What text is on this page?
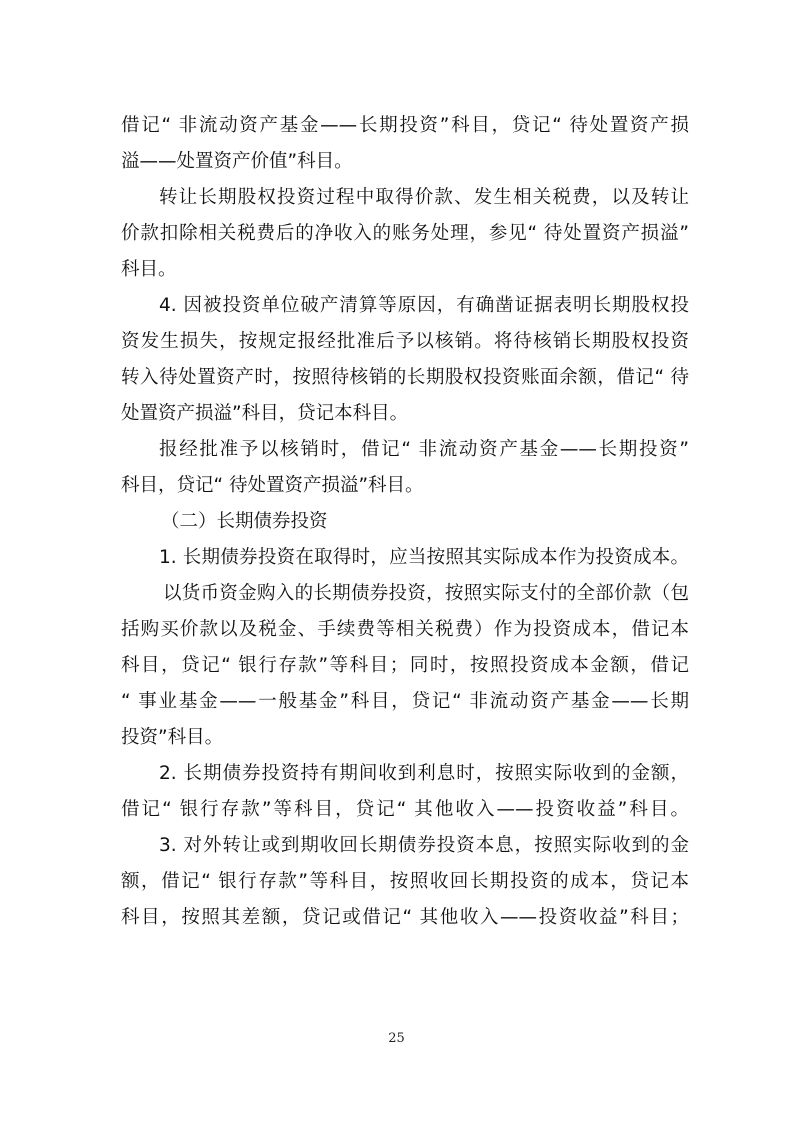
借记“ 非流动资产基金——长期投资”科目，贷记“ 待处置资产损
溢——处置资产价值”科目。
转让长期股权投资过程中取得价款、发生相关税费，以及转让
价款扣除相关税费后的净收入的账务处理，参见“ 待处置资产损溢”
科目。
4. 因被投资单位破产清算等原因，有确凿证据表明长期股权投
资发生损失，按规定报经批准后予以核销。将待核销长期股权投资
转入待处置资产时，按照待核销的长期股权投资账面余额，借记“ 待
处置资产损溢”科目，贷记本科目。
报经批准予以核销时，借记“ 非流动资产基金——长期投资”
科目，贷记“ 待处置资产损溢”科目。
（二）长期债券投资
1. 长期债券投资在取得时，应当按照其实际成本作为投资成本。
以货币资金购入的长期债券投资，按照实际支付的全部价款（包
括购买价款以及税金、手续费等相关税费）作为投资成本，借记本
科目，贷记“ 银行存款”等科目；同时，按照投资成本金额，借记
“ 事业基金——一般基金”科目，贷记“ 非流动资产基金——长期
投资”科目。
2. 长期债券投资持有期间收到利息时，按照实际收到的金额，
借记“ 银行存款”等科目，贷记“ 其他收入——投资收益”科目。
3. 对外转让或到期收回长期债券投资本息，按照实际收到的金
额，借记“ 银行存款”等科目，按照收回长期投资的成本，贷记本
科目，按照其差额，贷记或借记“ 其他收入——投资收益”科目；
25
